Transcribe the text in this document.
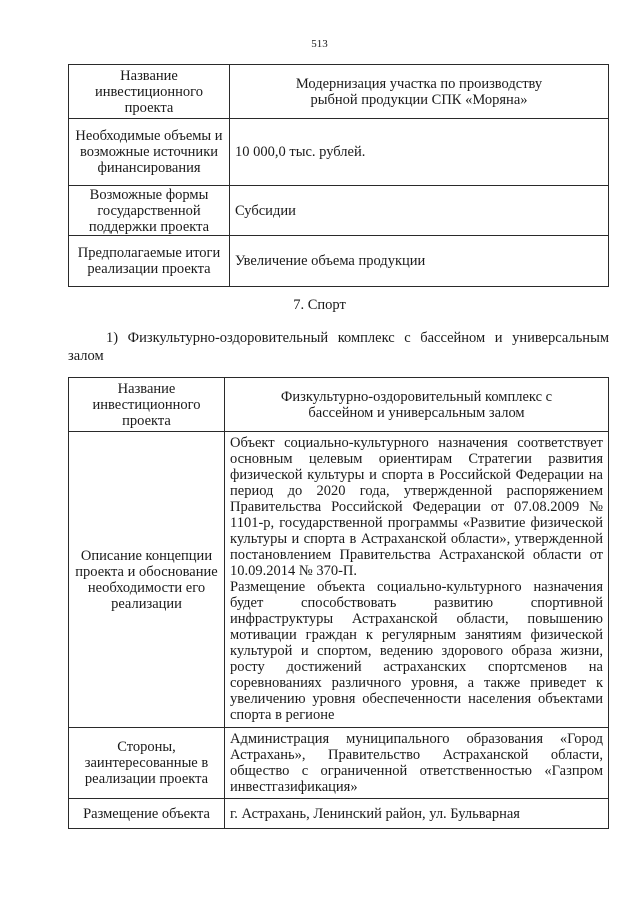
513
Название инвестиционного проекта	Модернизация участка по производству рыбной продукции СПК «Моряна»
Необходимые объемы и возможные источники финансирования	10 000,0 тыс. рублей.
Возможные формы государственной поддержки проекта	Субсидии
Предполагаемые итоги реализации проекта	Увеличение объема продукции
7. Спорт
1) Физкультурно-оздоровительный комплекс с бассейном и универсальным залом
Название инвестиционного проекта	Физкультурно-оздоровительный комплекс с бассейном и универсальным залом
Описание концепции проекта и обоснование необходимости его реализации	Объект социально-культурного назначения соответствует основным целевым ориентирам Стратегии развития физической культуры и спорта в Российской Федерации на период до 2020 года, утвержденной распоряжением Правительства Российской Федерации от 07.08.2009 № 1101-р, государственной программы «Развитие физической культуры и спорта в Астраханской области», утвержденной постановлением Правительства Астраханской области от 10.09.2014 № 370-П.

Размещение объекта социально-культурного назначения будет способствовать развитию спортивной инфраструктуры Астраханской области, повышению мотивации граждан к регулярным занятиям физической культурой и спортом, ведению здорового образа жизни, росту достижений астраханских спортсменов на соревнованиях различного уровня, а также приведет к увеличению уровня обеспеченности населения объектами спорта в регионе

Стороны, заинтересованные в реализации проекта	Администрация муниципального образования «Город Астрахань», Правительство Астраханской области, общество с ограниченной ответственностью «Газпром инвестгазификация»
Размещение объекта	г. Астрахань, Ленинский район, ул. Бульварная
